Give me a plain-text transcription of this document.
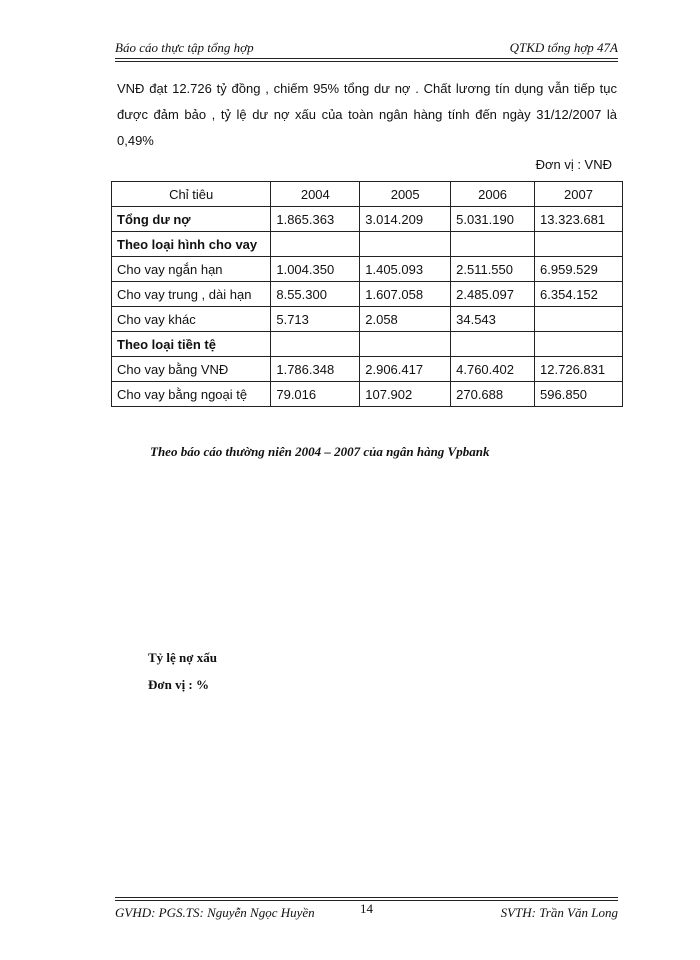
Báo cáo thực tập tổng hợp	QTKD tổng hợp 47A
VNĐ đạt 12.726 tỷ đồng , chiếm 95% tổng dư nợ . Chất lương tín dụng vẫn tiếp tục được đảm bảo , tỷ lệ dư nợ xấu của toàn ngân hàng tính đến ngày 31/12/2007 là 0,49%
Đơn vị : VNĐ
Chỉ tiêu	2004	2005	2006	2007
Tổng dư nợ	1.865.363	3.014.209	5.031.190	13.323.681
Theo loại hình cho vay				
Cho vay ngắn hạn	1.004.350	1.405.093	2.511.550	6.959.529
Cho vay trung , dài hạn	8.55.300	1.607.058	2.485.097	6.354.152
Cho vay khác	5.713	2.058	34.543	
Theo loại tiền tệ				
Cho vay bằng VNĐ	1.786.348	2.906.417	4.760.402	12.726.831
Cho vay bằng ngoại tệ	79.016	107.902	270.688	596.850
Theo báo cáo thường niên 2004 – 2007 của ngân hàng Vpbank
Tỷ lệ nợ xấu
Đơn vị : %
GVHD: PGS.TS: Nguyễn Ngọc Huyền	14	SVTH: Trần Văn Long
